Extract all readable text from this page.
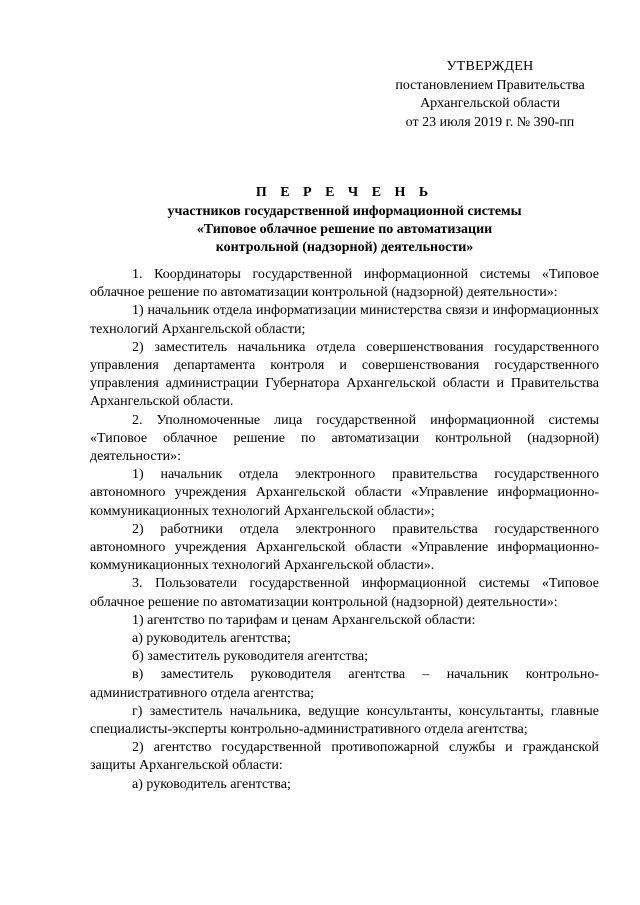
УТВЕРЖДЕН
постановлением Правительства
Архангельской области
от 23 июля 2019 г. № 390-пп
П Е Р Е Ч Е Н Ь
участников государственной информационной системы
«Типовое облачное решение по автоматизации
контрольной (надзорной) деятельности»

1. Координаторы государственной информационной системы «Типовое облачное решение по автоматизации контрольной (надзорной) деятельности»:

1) начальник отдела информатизации министерства связи и информационных технологий Архангельской области;

2) заместитель начальника отдела совершенствования государственного управления департамента контроля и совершенствования государственного управления администрации Губернатора Архангельской области и Правительства Архангельской области.

2. Уполномоченные лица государственной информационной системы «Типовое облачное решение по автоматизации контрольной (надзорной) деятельности»:

1) начальник отдела электронного правительства государственного автономного учреждения Архангельской области «Управление информационно-коммуникационных технологий Архангельской области»;

2) работники отдела электронного правительства государственного автономного учреждения Архангельской области «Управление информационно-коммуникационных технологий Архангельской области».

3. Пользователи государственной информационной системы «Типовое облачное решение по автоматизации контрольной (надзорной) деятельности»:

1) агентство по тарифам и ценам Архангельской области:

а) руководитель агентства;

б) заместитель руководителя агентства;

в) заместитель руководителя агентства – начальник контрольно-административного отдела агентства;

г) заместитель начальника, ведущие консультанты, консультанты, главные специалисты-эксперты контрольно-административного отдела агентства;

2) агентство государственной противопожарной службы и гражданской защиты Архангельской области:

а) руководитель агентства;
